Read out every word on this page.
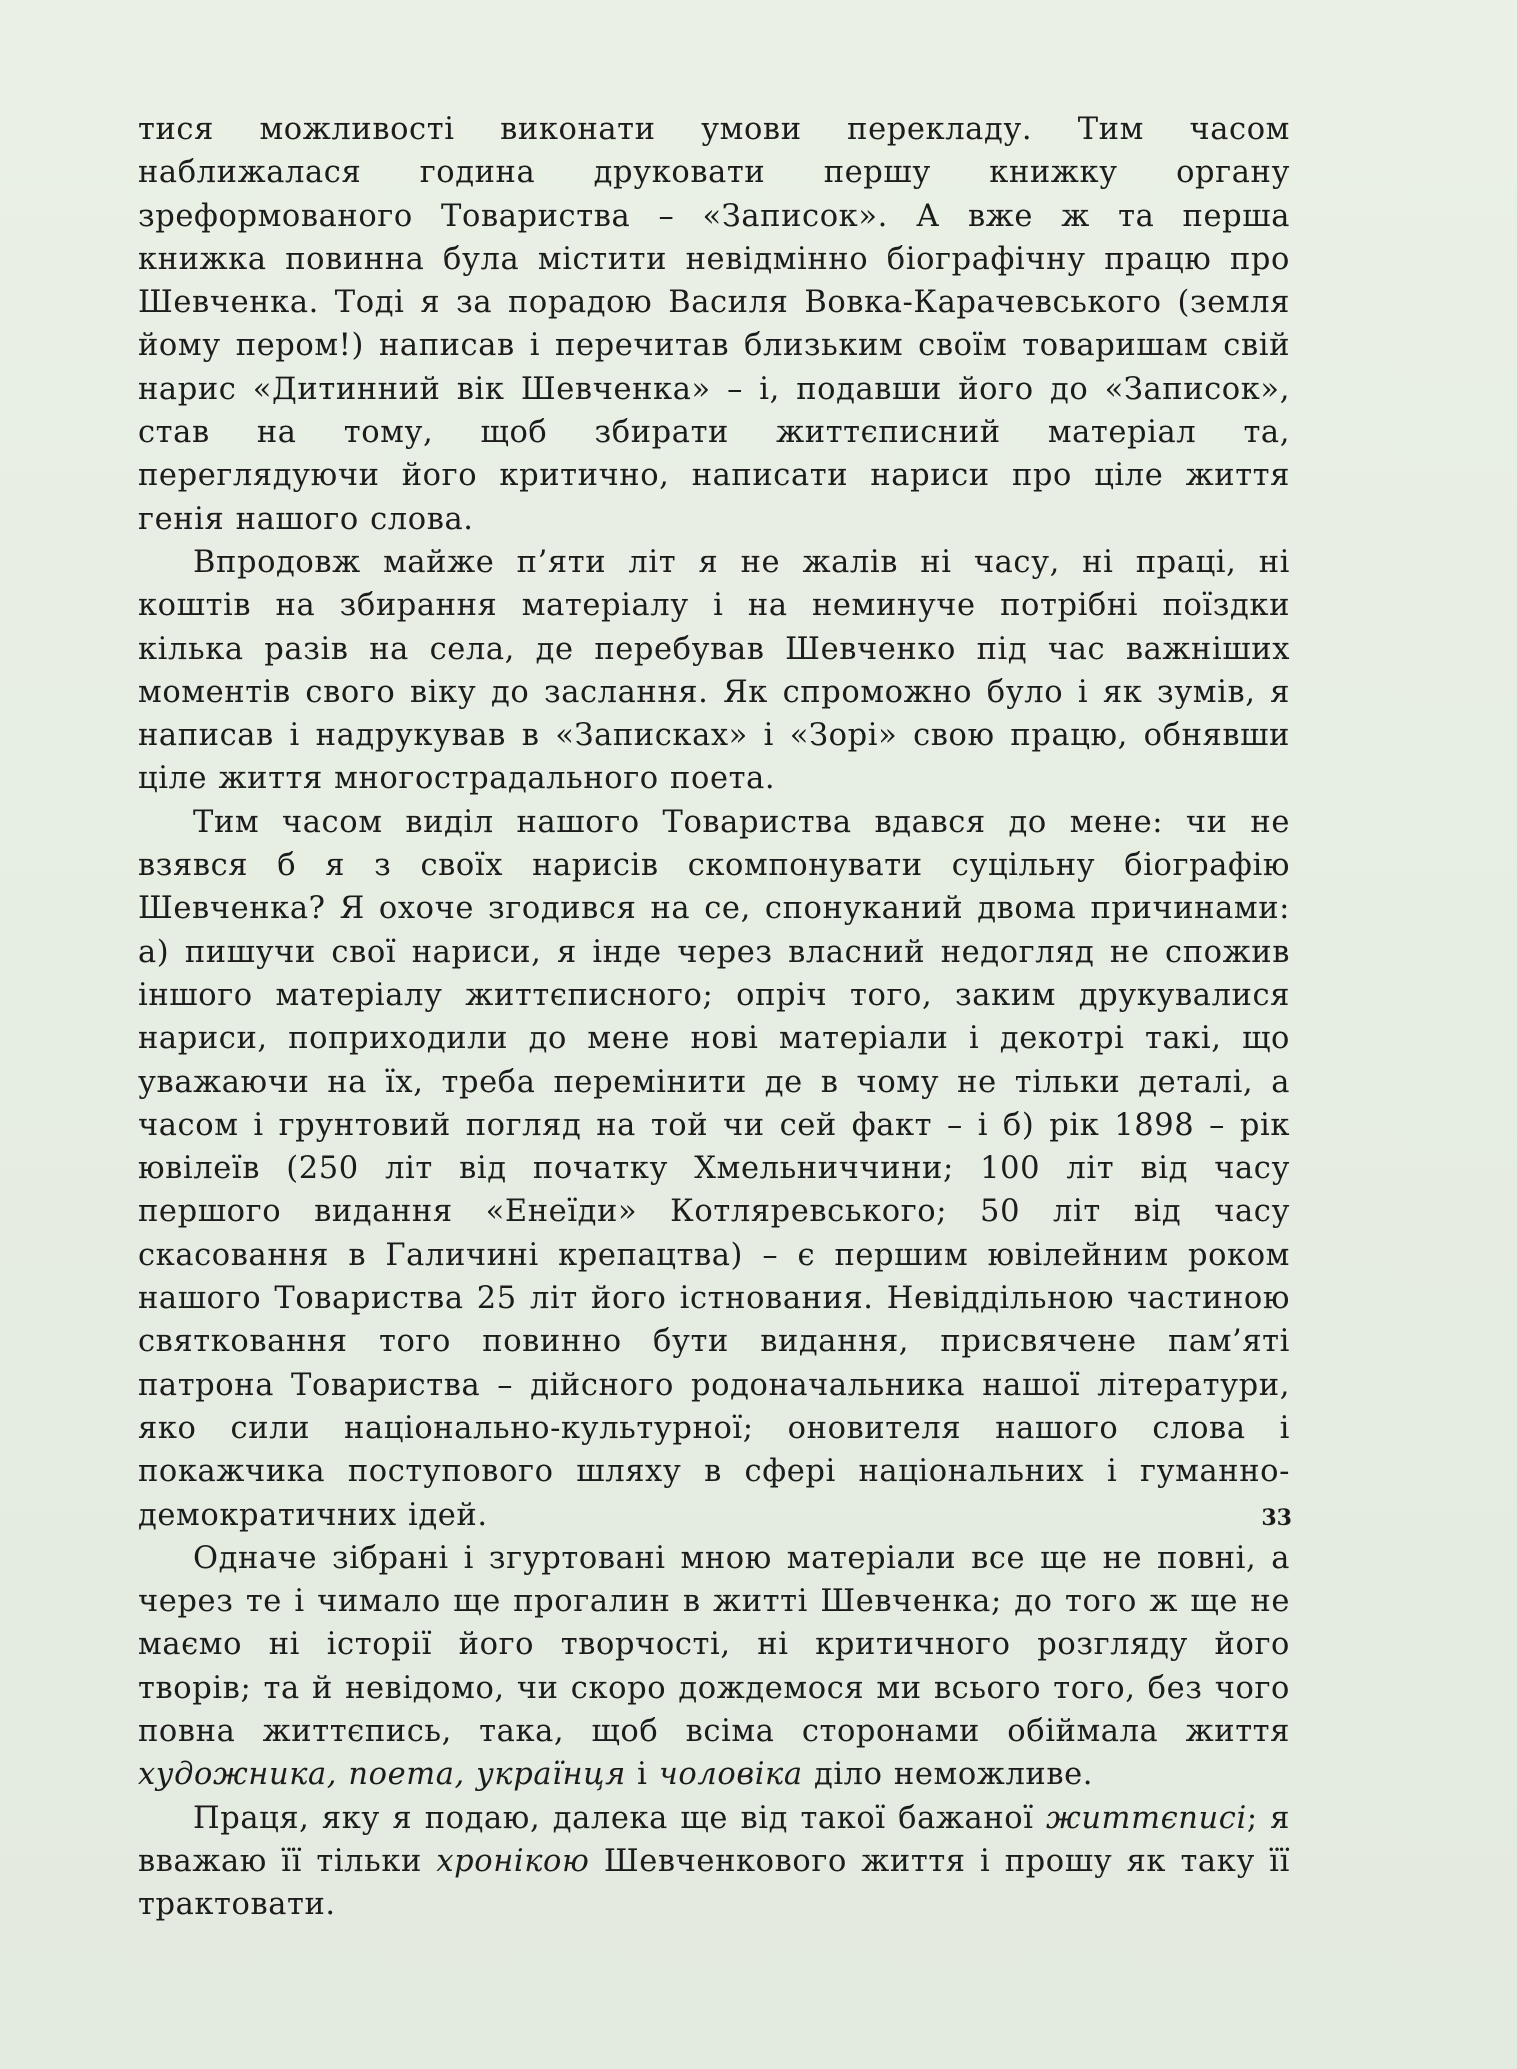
тися можливості виконати умови перекладу. Тим часом наближалася година друковати першу книжку органу зреформованого Товариства – «Записок». А вже ж та перша книжка повинна була містити невідмінно біографічну працю про Шевченка. Тоді я за порадою Василя Вовка-Карачевського (земля йому пером!) написав і перечитав близьким своїм товаришам свій нарис «Дитинний вік Шевченка» – і, подавши його до «Записок», став на тому, щоб збирати життєписний матеріал та, переглядуючи його критично, написати нариси про ціле життя генія нашого слова.

Впродовж майже п’яти літ я не жалів ні часу, ні праці, ні коштів на збирання матеріалу і на неминуче потрібні поїздки кілька разів на села, де перебував Шевченко під час важніших моментів свого віку до заслання. Як спроможно було і як зумів, я написав і надрукував в «Записках» і «Зорі» свою працю, обнявши ціле життя многострадального поета.

Тим часом виділ нашого Товариства вдався до мене: чи не взявся б я з своїх нарисів скомпонувати суцільну біографію Шевченка? Я охоче згодився на се, спонуканий двома причинами: а) пишучи свої нариси, я інде через власний недогляд не спожив іншого матеріалу життєписного; опріч того, заким друкувалися нариси, поприходили до мене нові матеріали і декотрі такі, що уважаючи на їх, треба перемінити де в чому не тільки деталі, а часом і грунтовий погляд на той чи сей факт – і б) рік 1898 – рік ювілеїв (250 літ від початку Хмельниччини; 100 літ від часу першого видання «Енеїди» Котляревського; 50 літ від часу скасовання в Галичині крепацтва) – є першим ювілейним роком нашого Товариства 25 літ його істнования. Невіддільною частиною святковання того повинно бути видання, присвячене пам’яті патрона Товариства – дійсного родоначальника нашої літератури, яко сили національно-культурної; оновителя нашого слова і покажчика поступового шляху в сфері національних і гуманно-демократичних ідей.

Одначе зібрані і згуртовані мною матеріали все ще не повні, а через те і чимало ще прогалин в житті Шевченка; до того ж ще не маємо ні історії його творчості, ні критичного розгляду його творів; та й невідомо, чи скоро дождемося ми всього того, без чого повна життєпись, така, щоб всіма сторонами обіймала життя художника, поета, українця і чоловіка діло неможливе.

Праця, яку я подаю, далека ще від такої бажаної життєписі; я вважаю її тільки хронікою Шевченкового життя і прошу як таку її трактовати.

33
